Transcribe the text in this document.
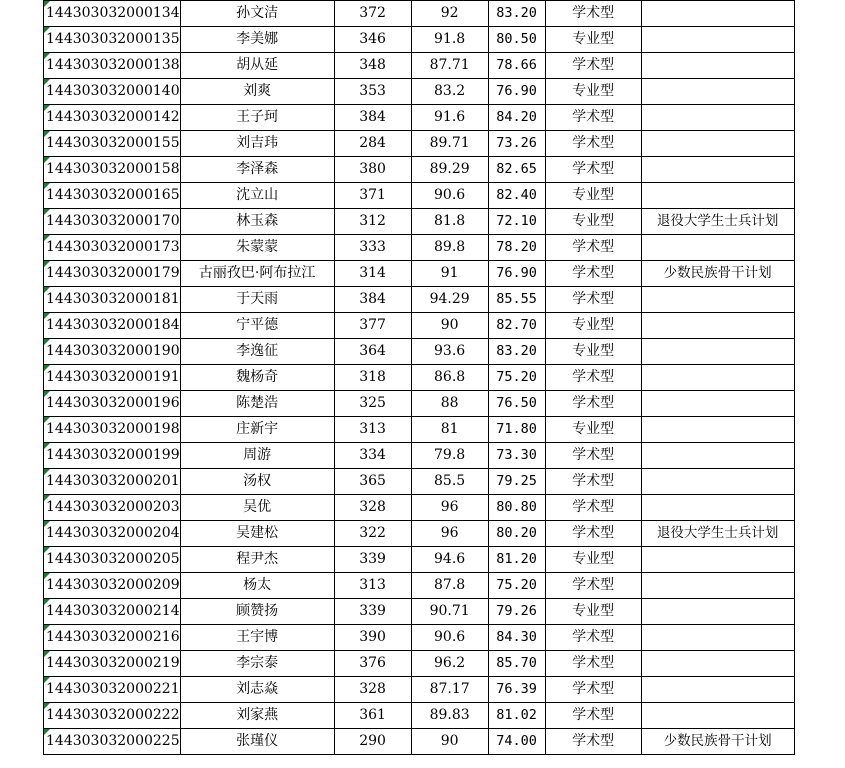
144303032000134	孙文洁	372	92	83.20	学术型	
144303032000135	李美娜	346	91.8	80.50	专业型	
144303032000138	胡从延	348	87.71	78.66	学术型	
144303032000140	刘爽	353	83.2	76.90	专业型	
144303032000142	王子珂	384	91.6	84.20	学术型	
144303032000155	刘吉玮	284	89.71	73.26	学术型	
144303032000158	李泽森	380	89.29	82.65	学术型	
144303032000165	沈立山	371	90.6	82.40	专业型	
144303032000170	林玉森	312	81.8	72.10	专业型	退役大学生士兵计划
144303032000173	朱蒙蒙	333	89.8	78.20	学术型	
144303032000179	古丽孜巴·阿布拉江	314	91	76.90	学术型	少数民族骨干计划
144303032000181	于天雨	384	94.29	85.55	学术型	
144303032000184	宁平德	377	90	82.70	专业型	
144303032000190	李逸征	364	93.6	83.20	专业型	
144303032000191	魏杨奇	318	86.8	75.20	学术型	
144303032000196	陈楚浩	325	88	76.50	学术型	
144303032000198	庄新宇	313	81	71.80	专业型	
144303032000199	周游	334	79.8	73.30	学术型	
144303032000201	汤权	365	85.5	79.25	学术型	
144303032000203	吴优	328	96	80.80	学术型	
144303032000204	吴建松	322	96	80.20	学术型	退役大学生士兵计划
144303032000205	程尹杰	339	94.6	81.20	专业型	
144303032000209	杨太	313	87.8	75.20	学术型	
144303032000214	顾赞扬	339	90.71	79.26	专业型	
144303032000216	王宇博	390	90.6	84.30	学术型	
144303032000219	李宗泰	376	96.2	85.70	学术型	
144303032000221	刘志焱	328	87.17	76.39	学术型	
144303032000222	刘家燕	361	89.83	81.02	学术型	
144303032000225	张瑾仪	290	90	74.00	学术型	少数民族骨干计划
